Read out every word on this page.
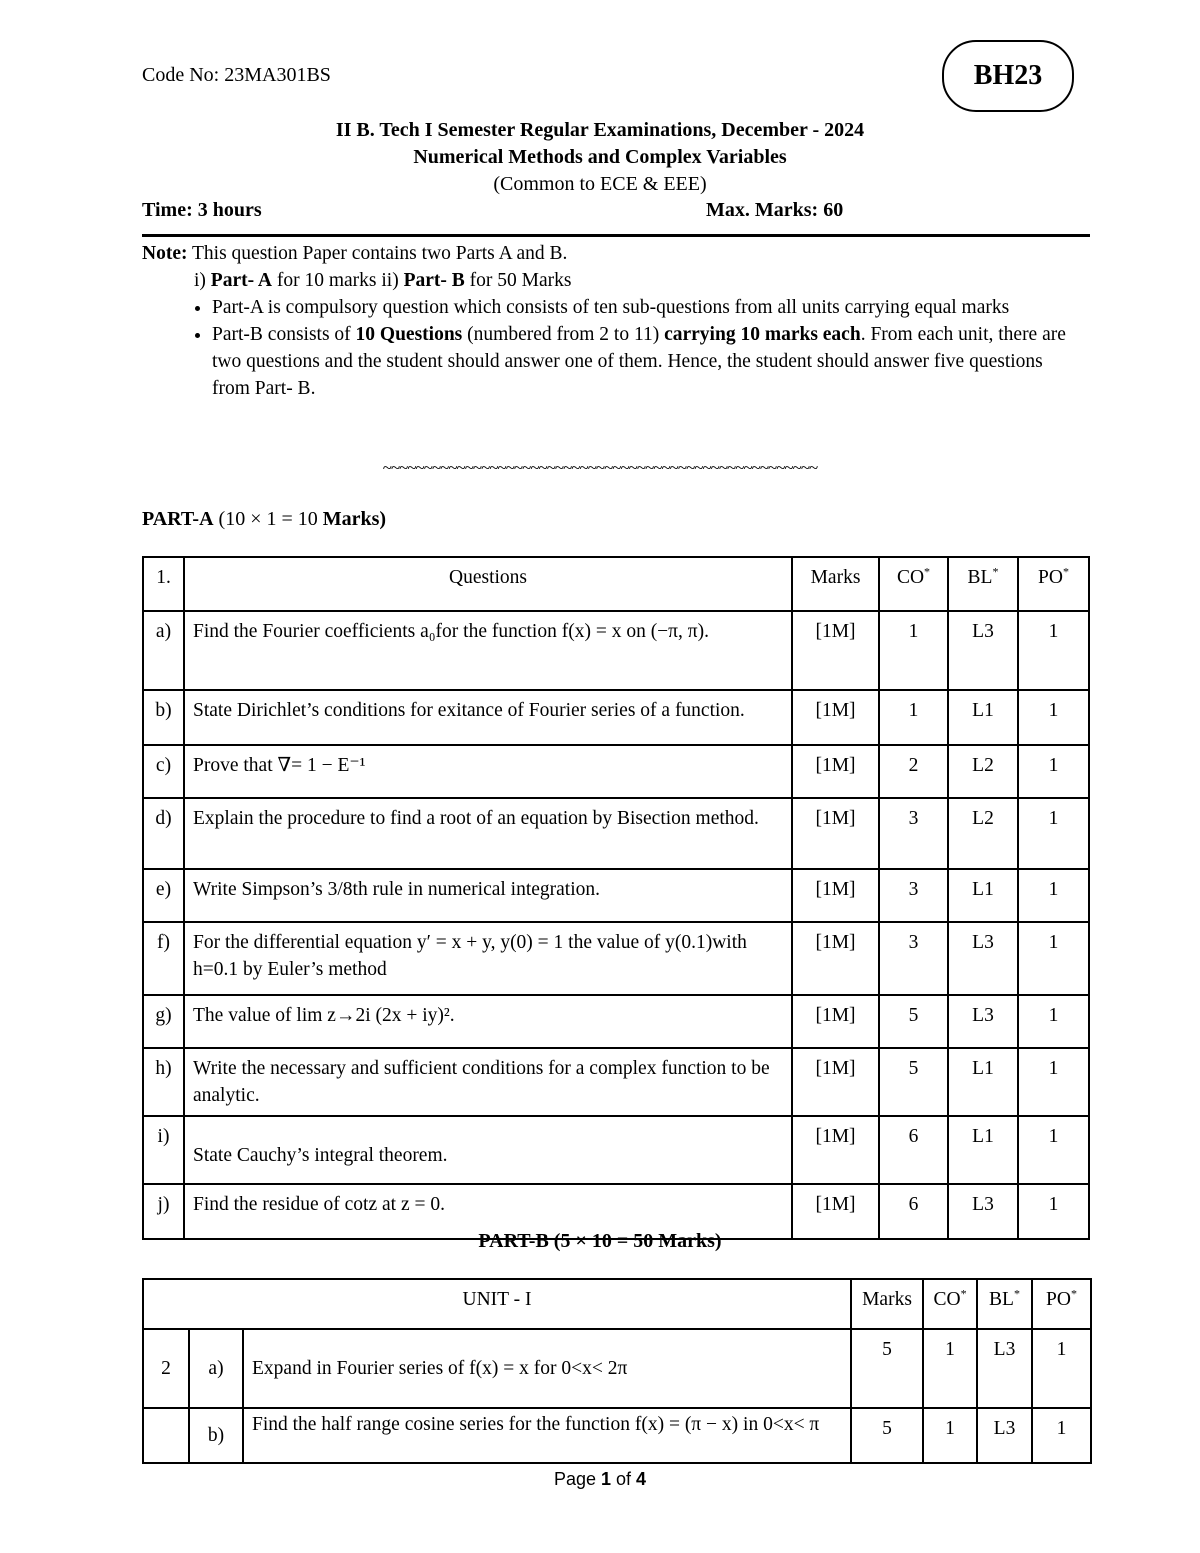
Code No: 23MA301BS	BH23
II B. Tech I Semester Regular Examinations, December - 2024
Numerical Methods and Complex Variables
(Common to ECE & EEE)
Time: 3 hours	Max. Marks: 60
Note: This question Paper contains two Parts A and B.
i) Part- A for 10 marks ii) Part- B for 50 Marks
• Part-A is compulsory question which consists of ten sub-questions from all units carrying equal marks
• Part-B consists of 10 Questions (numbered from 2 to 11) carrying 10 marks each. From each unit, there are two questions and the student should answer one of them. Hence, the student should answer five questions from Part- B.
~~~~~~~~~~~~~~~~~~~~~~~~~~~~~~~~~~~~~~~~~~~~~~~~~~~~~
PART-A (10 × 1 = 10 Marks)
1.	Questions	Marks	CO*	BL*	PO*
a)	Find the Fourier coefficients a₀for the function f(x) = x on (−π, π).	[1M]	1	L3	1
b)	State Dirichlet’s conditions for exitance of Fourier series of a function.	[1M]	1	L1	1
c)	Prove that ∇= 1 − E⁻¹	[1M]	2	L2	1
d)	Explain the procedure to find a root of an equation by Bisection method.	[1M]	3	L2	1
e)	Write Simpson’s 3/8th rule in numerical integration.	[1M]	3	L1	1
f)	For the differential equation y′ = x + y, y(0) = 1 the value of y(0.1)with h=0.1 by Euler’s method	[1M]	3	L3	1
g)	The value of lim z→2i (2x + iy)².	[1M]	5	L3	1
h)	Write the necessary and sufficient conditions for a complex function to be analytic.	[1M]	5	L1	1
i)	State Cauchy’s integral theorem.	[1M]	6	L1	1
j)	Find the residue of cotz at z = 0.	[1M]	6	L3	1
PART-B (5 × 10 = 50 Marks)
UNIT - I			Marks	CO*	BL*	PO*
2	a)	Expand in Fourier series of f(x) = x for 0<x< 2π	5	1	L3	1
	b)	Find the half range cosine series for the function f(x) = (π − x) in 0<x< π	5	1	L3	1
Page 1 of 4
